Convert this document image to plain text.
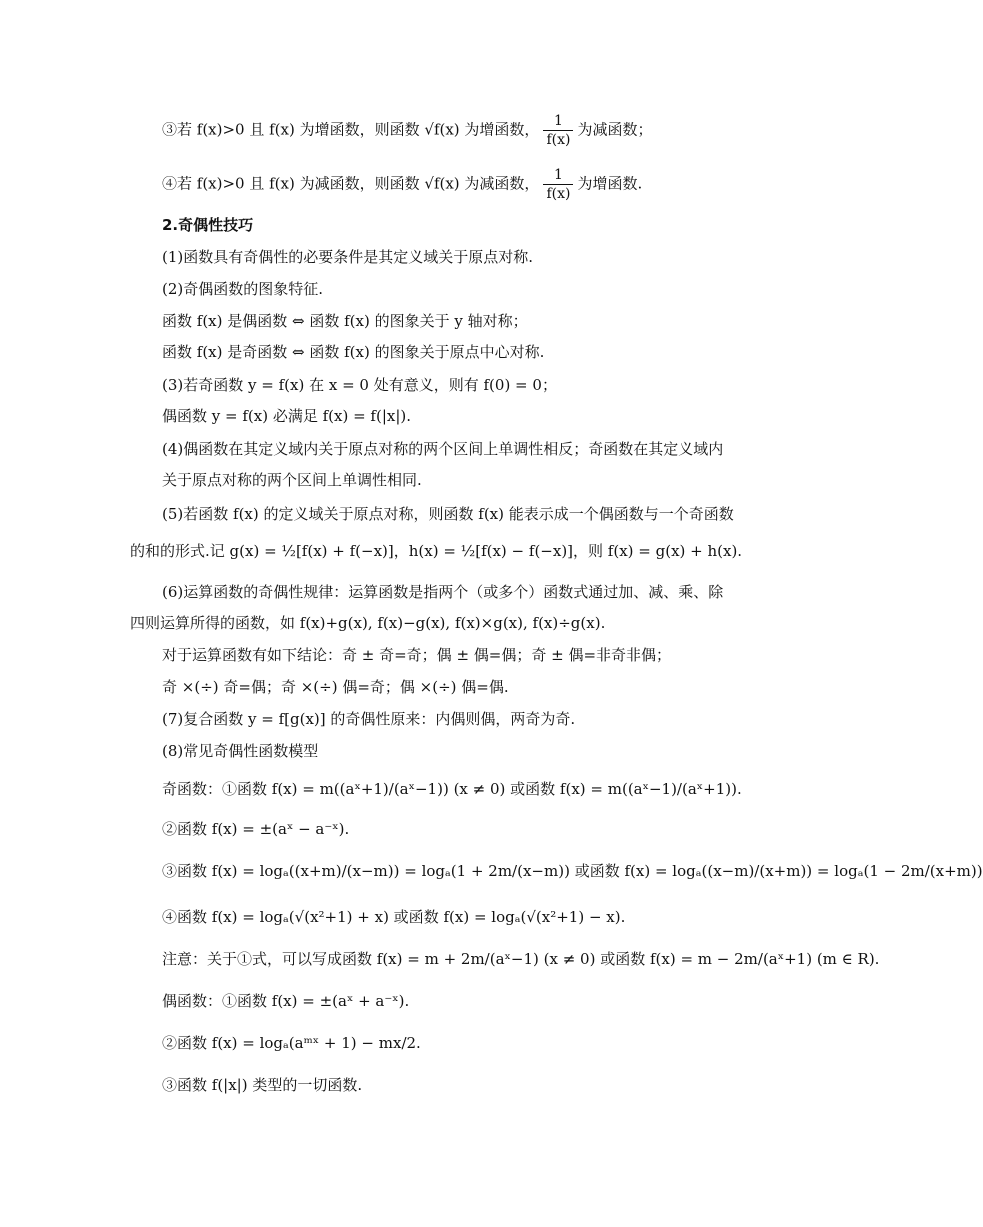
③若 f(x)>0 且 f(x) 为增函数，则函数 √f(x) 为增函数， $\frac{1}{f(x)}$ 为减函数；
④若 f(x)>0 且 f(x) 为减函数，则函数 √f(x) 为减函数， $\frac{1}{f(x)}$ 为增函数.
2.奇偶性技巧
(1)函数具有奇偶性的必要条件是其定义域关于原点对称.
(2)奇偶函数的图象特征.
函数 f(x) 是偶函数 ⇔ 函数 f(x) 的图象关于 y 轴对称；
函数 f(x) 是奇函数 ⇔ 函数 f(x) 的图象关于原点中心对称.
(3)若奇函数 y = f(x) 在 x = 0 处有意义，则有 f(0) = 0；
偶函数 y = f(x) 必满足 f(x) = f(|x|).
(4)偶函数在其定义域内关于原点对称的两个区间上单调性相反；奇函数在其定义域内
关于原点对称的两个区间上单调性相同.
(5)若函数 f(x) 的定义域关于原点对称，则函数 f(x) 能表示成一个偶函数与一个奇函数
的和的形式.记 g(x) = ½[f(x) + f(−x)]，h(x) = ½[f(x) − f(−x)]，则 f(x) = g(x) + h(x).
(6)运算函数的奇偶性规律：运算函数是指两个（或多个）函数式通过加、减、乘、除
四则运算所得的函数，如 f(x)+g(x), f(x)−g(x), f(x)×g(x), f(x)÷g(x).
对于运算函数有如下结论：奇 ± 奇=奇；偶 ± 偶=偶；奇 ± 偶=非奇非偶；
奇 ×(÷) 奇=偶；奇 ×(÷) 偶=奇；偶 ×(÷) 偶=偶.
(7)复合函数 y = f[g(x)] 的奇偶性原来：内偶则偶，两奇为奇.
(8)常见奇偶性函数模型
奇函数：①函数 f(x) = m((aˣ+1)/(aˣ−1)) (x ≠ 0) 或函数 f(x) = m((aˣ−1)/(aˣ+1)).
②函数 f(x) = ±(aˣ − a⁻ˣ).
③函数 f(x) = logₐ((x+m)/(x−m)) = logₐ(1 + 2m/(x−m)) 或函数 f(x) = logₐ((x−m)/(x+m)) = logₐ(1 − 2m/(x+m))
④函数 f(x) = logₐ(√(x²+1) + x) 或函数 f(x) = logₐ(√(x²+1) − x).
注意：关于①式，可以写成函数 f(x) = m + 2m/(aˣ−1) (x ≠ 0) 或函数 f(x) = m − 2m/(aˣ+1) (m ∈ R).
偶函数：①函数 f(x) = ±(aˣ + a⁻ˣ).
②函数 f(x) = logₐ(aᵐˣ + 1) − mx/2.
③函数 f(|x|) 类型的一切函数.
